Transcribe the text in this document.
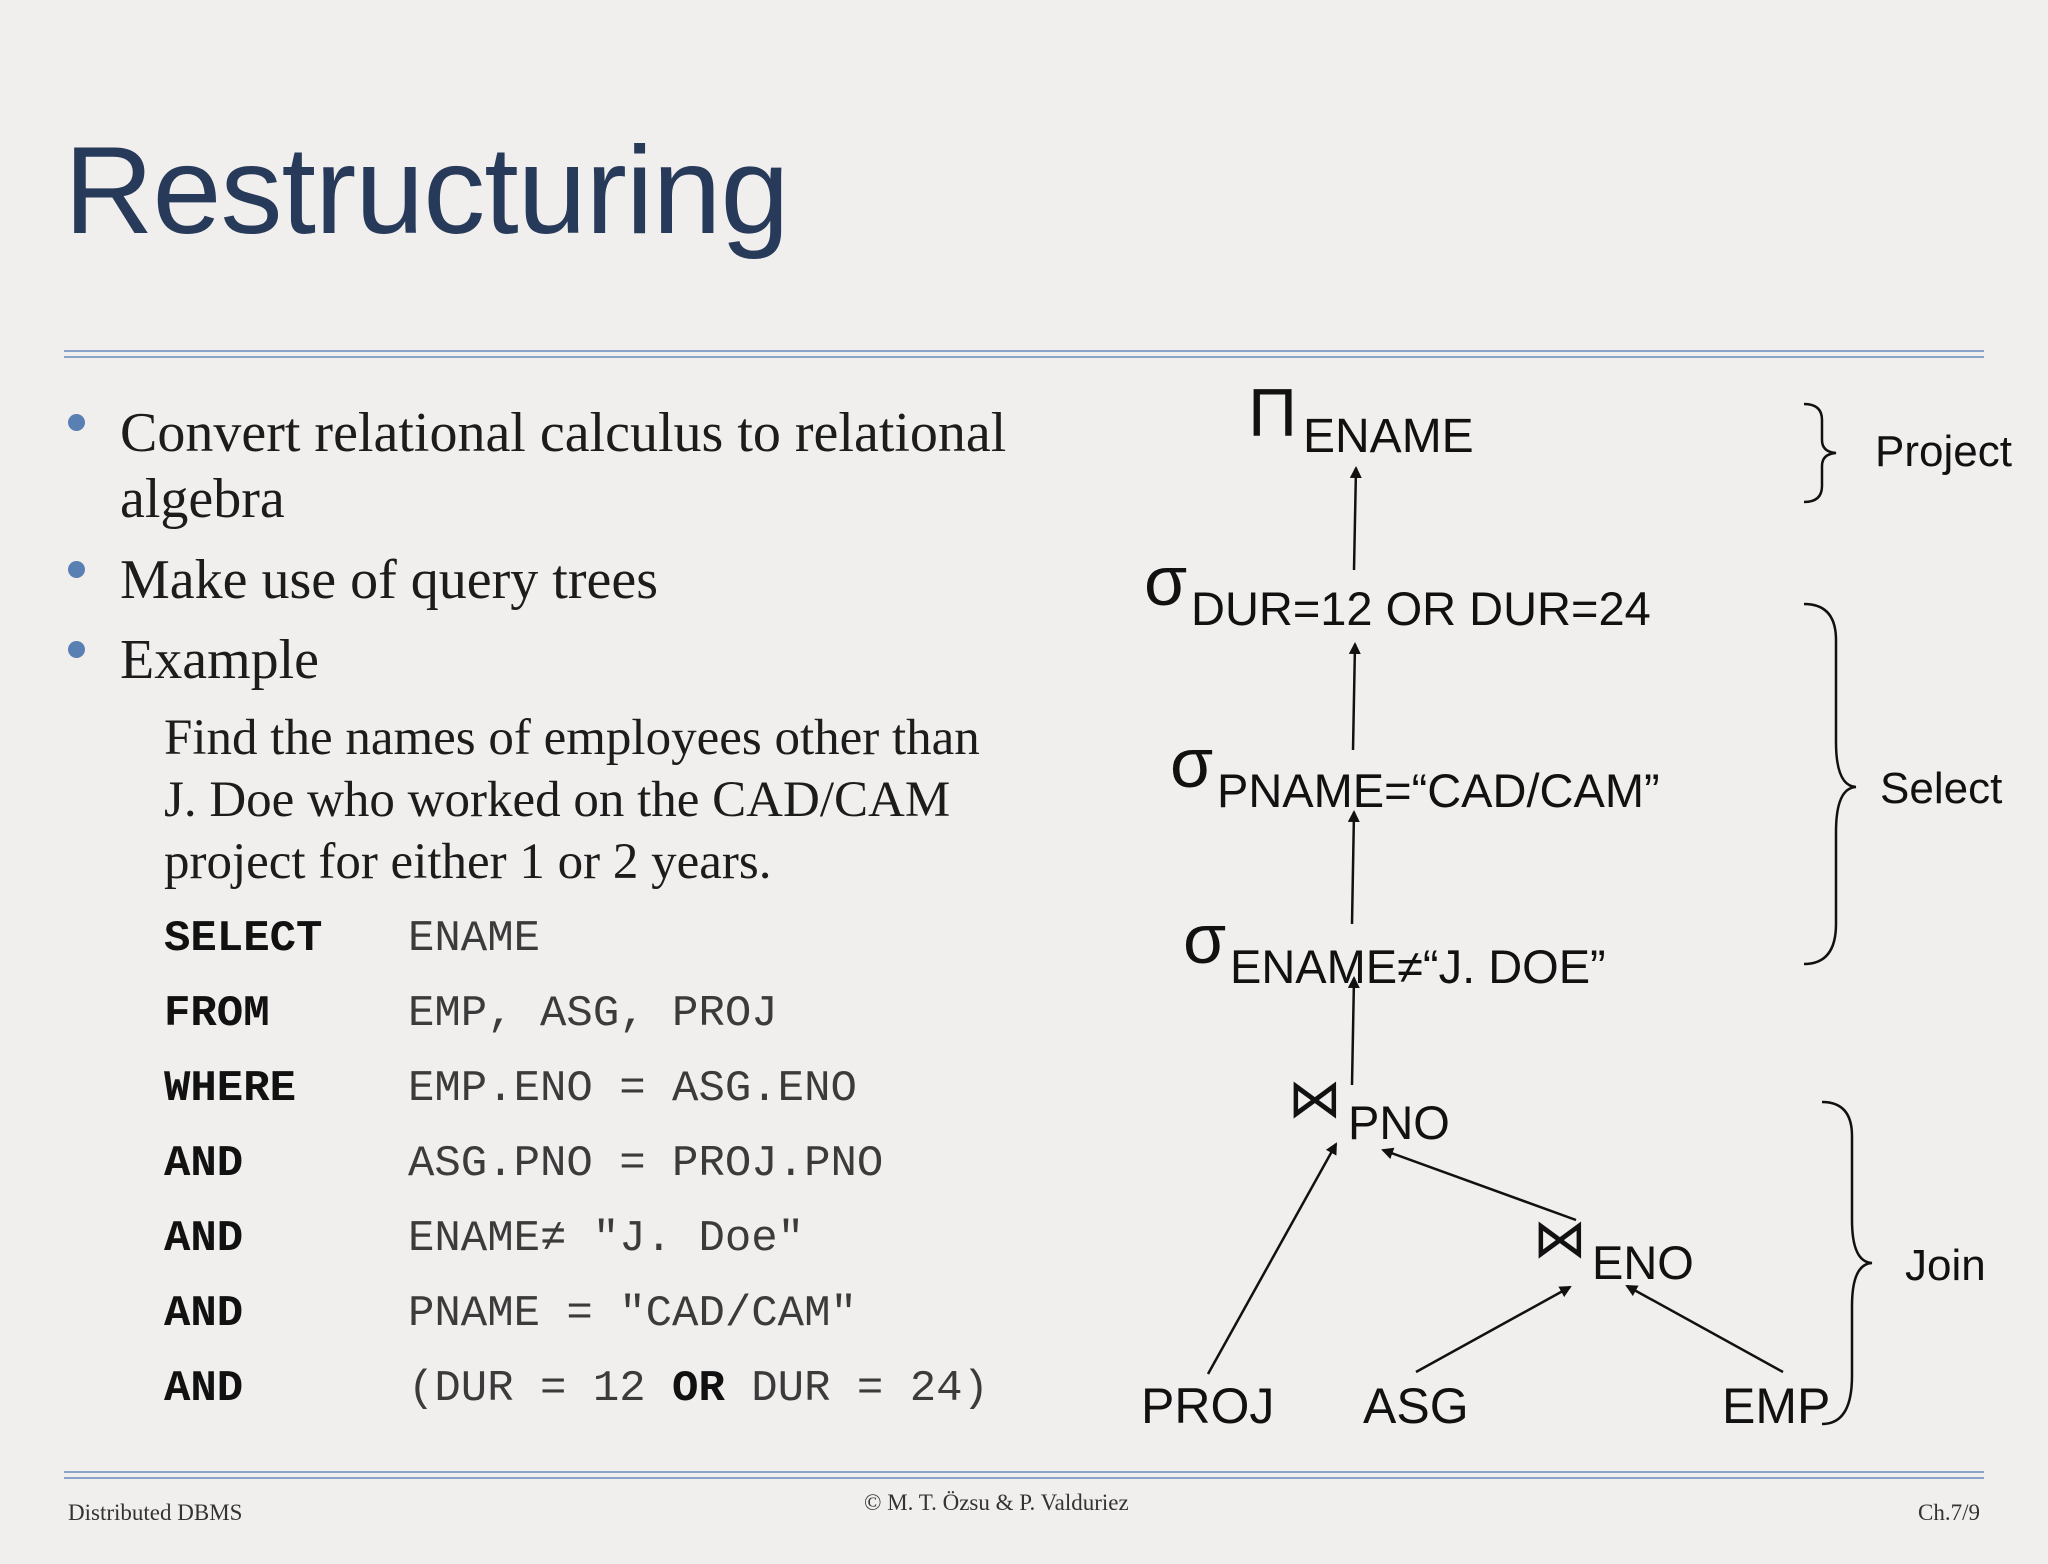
Restructuring
Convert relational calculus to relational
algebra
Make use of query trees
Example
Find the names of employees other than
J. Doe who worked on the CAD/CAM
project for either 1 or 2 years.

SELECT

ENAME

FROM

	EMP, ASG, PROJ

WHERE

	EMP.ENO = ASG.ENO

AND

	ASG.PNO = PROJ.PNO

AND

	ENAME≠ "J. Doe"

AND

	PNAME = "CAD/CAM"

AND

	(DUR = 12 OR DUR = 24)

Π ENAME
σ DUR=12 OR DUR=24
σ PNAME=“CAD/CAM”
σ ENAME≠“J. DOE”
⋈ PNO
⋈ ENO
PROJ ASG	EMP
Project
Select
Join
Distributed DBMS	© M. T. Özsu & P. Valduriez	Ch.7/9
